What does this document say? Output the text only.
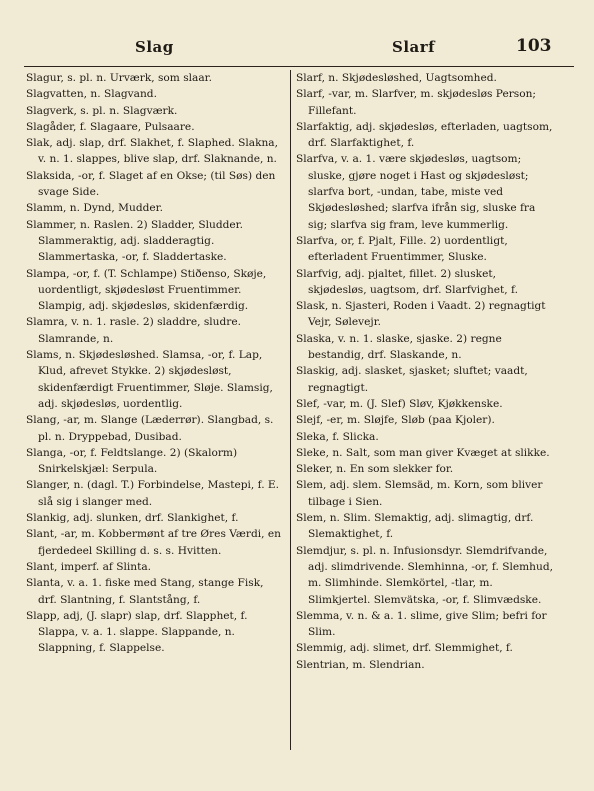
Slag	Slarf	103

Slagur, s. pl. n. Urværk, som slaar.

Slagvatten, n. Slagvand.

Slagverk, s. pl. n. Slagværk.

Slagåder, f. Slagaare, Pulsaare.

Slak, adj. slap, drf. Slakhet, f. Slaphed. Slakna, v. n. 1. slappes, blive slap, drf. Slaknande, n.

Slaksida, -or, f. Slaget af en Okse; (til Søs) den svage Side.

Slamm, n. Dynd, Mudder.

Slammer, n. Raslen. 2) Sladder, Sludder. Slammeraktig, adj. sladderagtig. Slammertaska, -or, f. Sladdertaske.

Slampa, -or, f. (T. Schlampe) Stiðenso, Skøje, uordentligt, skjødesløst Fruentimmer. Slampig, adj. skjødesløs, skidenfærdig.

Slamra, v. n. 1. rasle. 2) sladdre, sludre. Slamrande, n.

Slams, n. Skjødesløshed. Slamsa, -or, f. Lap, Klud, afrevet Stykke. 2) skjødesløst, skidenfærdigt Fruentimmer, Sløje. Slamsig, adj. skjødesløs, uordentlig.

Slang, -ar, m. Slange (Læderrør). Slangbad, s. pl. n. Dryppebad, Dusibad.

Slanga, -or, f. Feldtslange. 2) (Skalorm) Snirkelskjæl: Serpula.

Slanger, n. (dagl. T.) Forbindelse, Mastepi, f. E. slå sig i slanger med.

Slankig, adj. slunken, drf. Slankighet, f.

Slant, -ar, m. Kobbermønt af tre Øres Værdi, en fjerdedeel Skilling d. s. s. Hvitten.

Slant, imperf. af Slinta.

Slanta, v. a. 1. fiske med Stang, stange Fisk, drf. Slantning, f. Slantstång, f.

Slapp, adj, (J. slapr) slap, drf. Slapphet, f. Slappa, v. a. 1. slappe. Slappande, n. Slappning, f. Slappelse.

Slarf, n. Skjødesløshed, Uagtsomhed.

Slarf, -var, m. Slarfver, m. skjødesløs Person; Fillefant.

Slarfaktig, adj. skjødesløs, efterladen, uagtsom, drf. Slarfaktighet, f.

Slarfva, v. a. 1. være skjødesløs, uagtsom; sluske, gjøre noget i Hast og skjødesløst; slarfva bort, -undan, tabe, miste ved Skjødesløshed; slarfva ifrån sig, sluske fra sig; slarfva sig fram, leve kummerlig.

Slarfva, or, f. Pjalt, Fille. 2) uordentligt, efterladent Fruentimmer, Sluske.

Slarfvig, adj. pjaltet, fillet. 2) slusket, skjødesløs, uagtsom, drf. Slarfvighet, f.

Slask, n. Sjasteri, Roden i Vaadt. 2) regnagtigt Vejr, Sølevejr.

Slaska, v. n. 1. slaske, sjaske. 2) regne bestandig, drf. Slaskande, n.

Slaskig, adj. slasket, sjasket; sluftet; vaadt, regnagtigt.

Slef, -var, m. (J. Slef) Sløv, Kjøkkenske.

Slejf, -er, m. Sløjfe, Sløb (paa Kjoler).

Sleka, f. Slicka.

Sleke, n. Salt, som man giver Kvæget at slikke.

Sleker, n. En som slekker for.

Slem, adj. slem. Slemsäd, m. Korn, som bliver tilbage i Sien.

Slem, n. Slim. Slemaktig, adj. slimagtig, drf. Slemaktighet, f.

Slemdjur, s. pl. n. Infusionsdyr. Slemdrifvande, adj. slimdrivende. Slemhinna, -or, f. Slemhud, m. Slimhinde. Slemkörtel, -tlar, m. Slimkjertel. Slemvätska, -or, f. Slimvædske.

Slemma, v. n. & a. 1. slime, give Slim; befri for Slim.

Slemmig, adj. slimet, drf. Slemmighet, f.

Slentrian, m. Slendrian.
